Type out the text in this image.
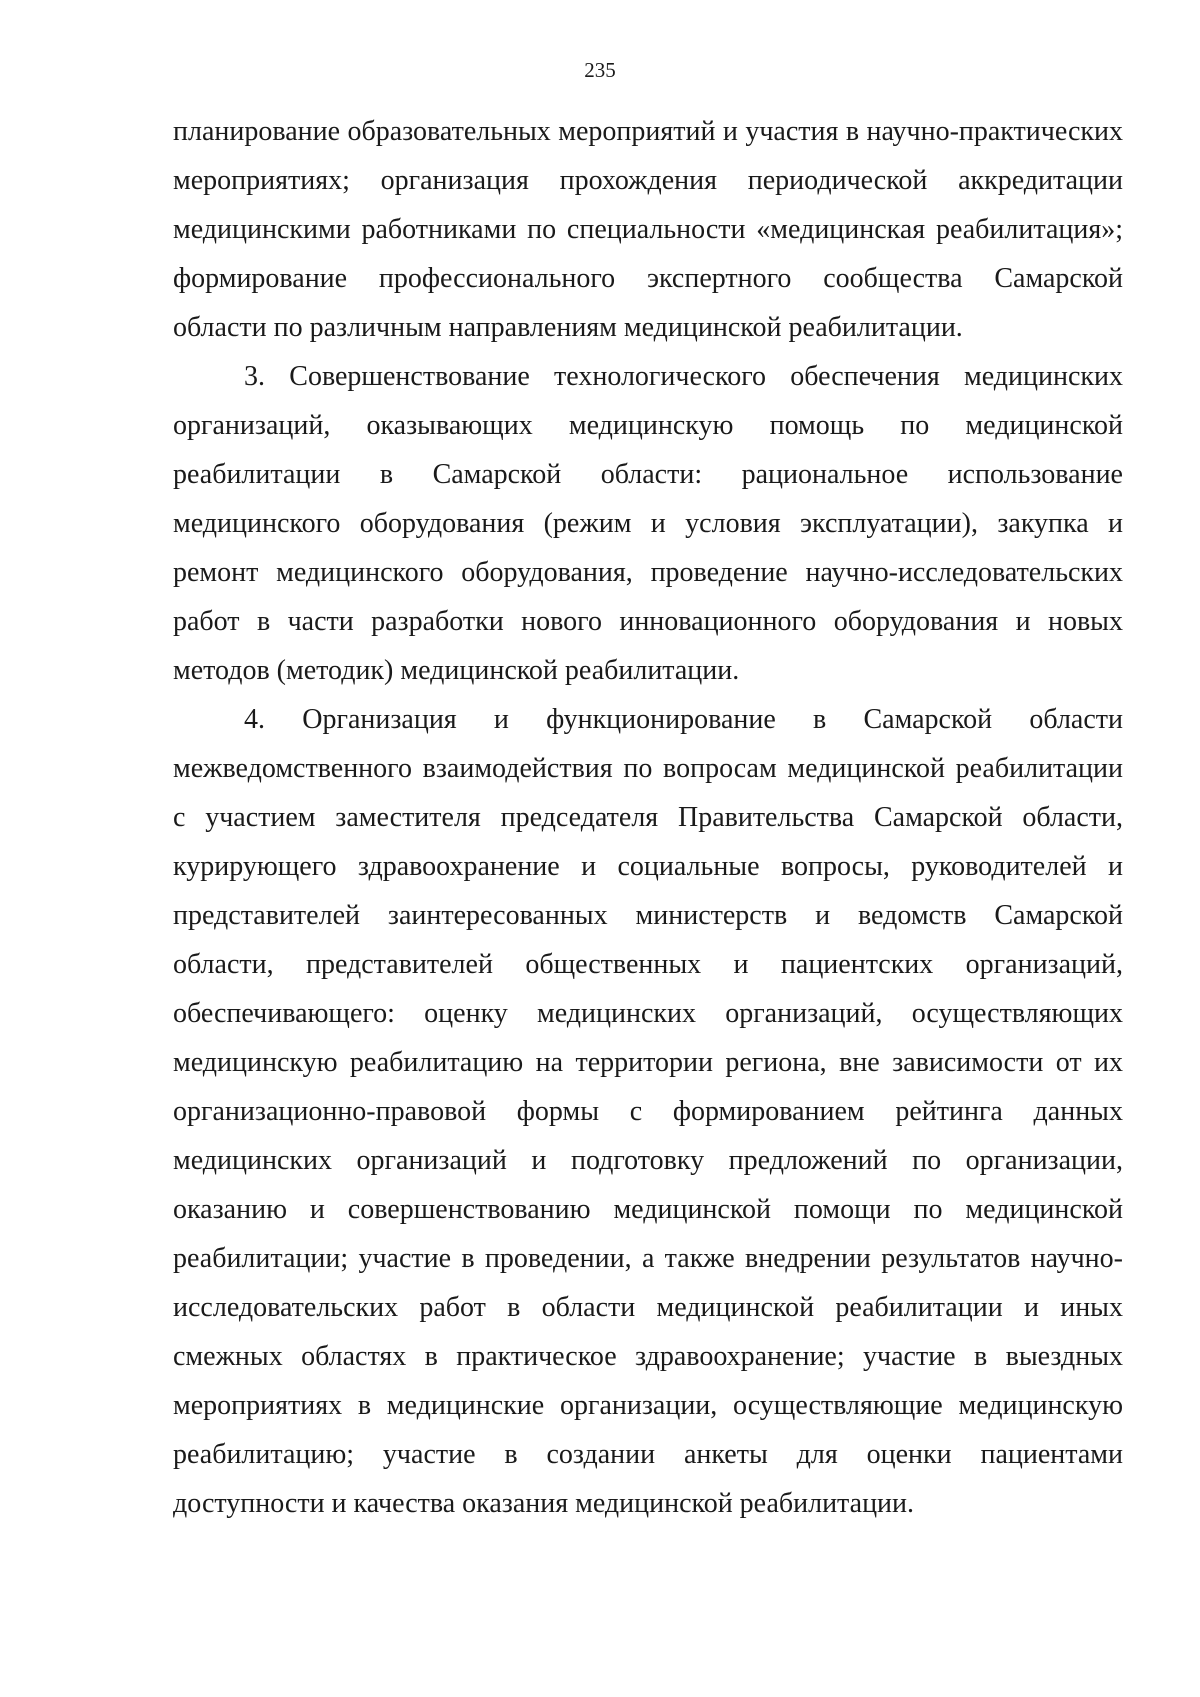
235

планирование образовательных мероприятий и участия в научно-практических мероприятиях; организация прохождения периодической аккредитации медицинскими работниками по специальности «медицинская реабилитация»; формирование профессионального экспертного сообщества Самарской области по различным направлениям медицинской реабилитации.

3. Совершенствование технологического обеспечения медицинских организаций, оказывающих медицинскую помощь по медицинской реабилитации в Самарской области: рациональное использование медицинского оборудования (режим и условия эксплуатации), закупка и ремонт медицинского оборудования, проведение научно-исследовательских работ в части разработки нового инновационного оборудования и новых методов (методик) медицинской реабилитации.

4. Организация и функционирование в Самарской области межведомственного взаимодействия по вопросам медицинской реабилитации с участием заместителя председателя Правительства Самарской области, курирующего здравоохранение и социальные вопросы, руководителей и представителей заинтересованных министерств и ведомств Самарской области, представителей общественных и пациентских организаций, обеспечивающего: оценку медицинских организаций, осуществляющих медицинскую реабилитацию на территории региона, вне зависимости от их организационно-правовой формы с формированием рейтинга данных медицинских организаций и подготовку предложений по организации, оказанию и совершенствованию медицинской помощи по медицинской реабилитации; участие в проведении, а также внедрении результатов научно-исследовательских работ в области медицинской реабилитации и иных смежных областях в практическое здравоохранение; участие в выездных мероприятиях в медицинские организации, осуществляющие медицинскую реабилитацию; участие в создании анкеты для оценки пациентами доступности и качества оказания медицинской реабилитации.
